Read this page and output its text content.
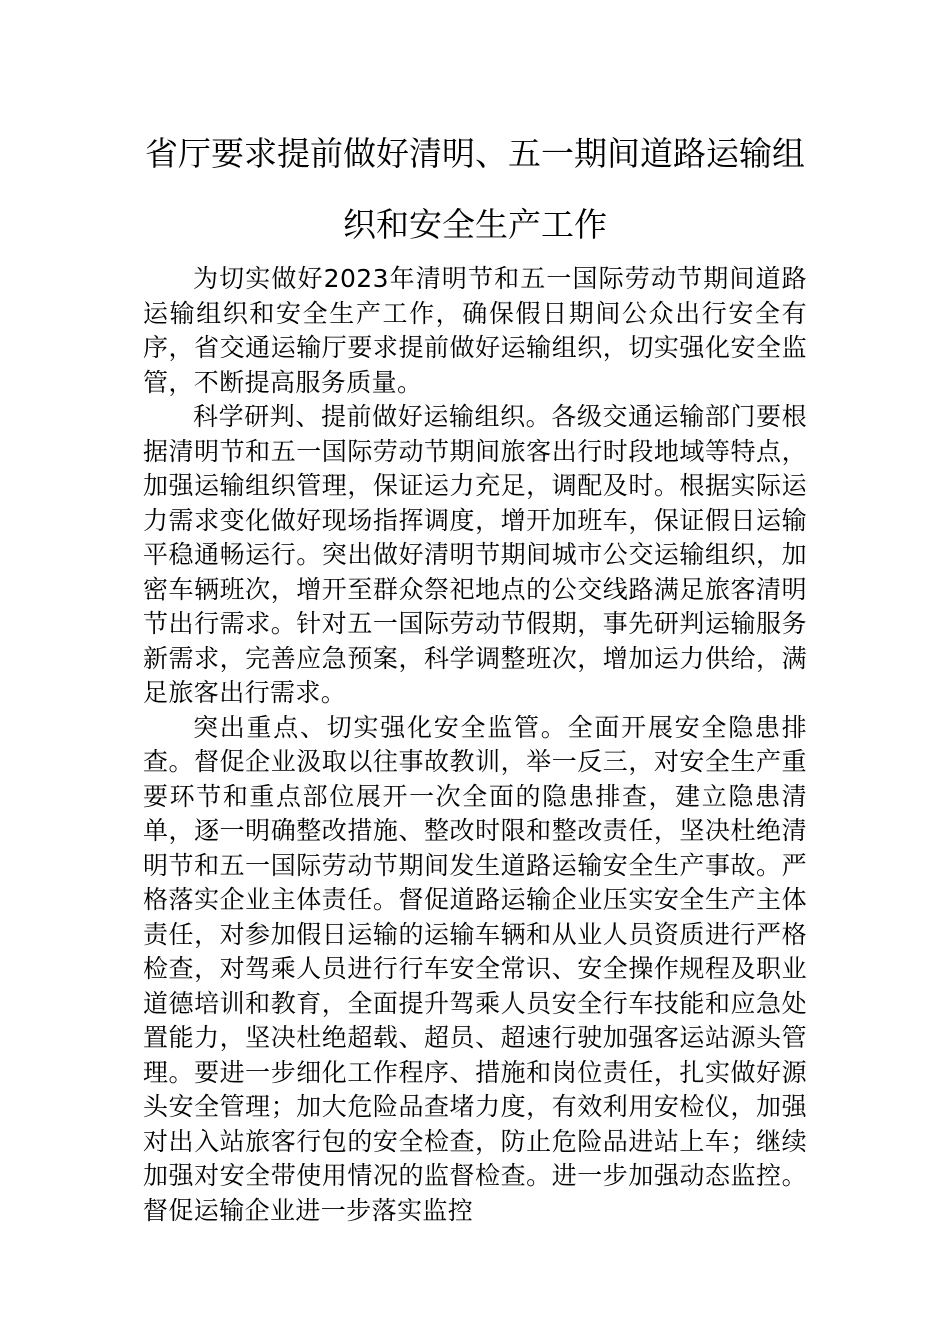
省厅要求提前做好清明、五一期间道路运输组织和安全生产工作

为切实做好2023年清明节和五一国际劳动节期间道路运输组织和安全生产工作，确保假日期间公众出行安全有序，省交通运输厅要求提前做好运输组织，切实强化安全监管，不断提高服务质量。

科学研判、提前做好运输组织。各级交通运输部门要根据清明节和五一国际劳动节期间旅客出行时段地域等特点，加强运输组织管理，保证运力充足，调配及时。根据实际运力需求变化做好现场指挥调度，增开加班车，保证假日运输平稳通畅运行。突出做好清明节期间城市公交运输组织，加密车辆班次，增开至群众祭祀地点的公交线路满足旅客清明节出行需求。针对五一国际劳动节假期，事先研判运输服务新需求，完善应急预案，科学调整班次，增加运力供给，满足旅客出行需求。

突出重点、切实强化安全监管。全面开展安全隐患排查。督促企业汲取以往事故教训，举一反三，对安全生产重要环节和重点部位展开一次全面的隐患排查，建立隐患清单，逐一明确整改措施、整改时限和整改责任，坚决杜绝清明节和五一国际劳动节期间发生道路运输安全生产事故。严格落实企业主体责任。督促道路运输企业压实安全生产主体责任，对参加假日运输的运输车辆和从业人员资质进行严格检查，对驾乘人员进行行车安全常识、安全操作规程及职业道德培训和教育，全面提升驾乘人员安全行车技能和应急处置能力，坚决杜绝超载、超员、超速行驶加强客运站源头管理。要进一步细化工作程序、措施和岗位责任，扎实做好源头安全管理；加大危险品查堵力度，有效利用安检仪，加强对出入站旅客行包的安全检查，防止危险品进站上车；继续加强对安全带使用情况的监督检查。进一步加强动态监控。督促运输企业进一步落实监控
